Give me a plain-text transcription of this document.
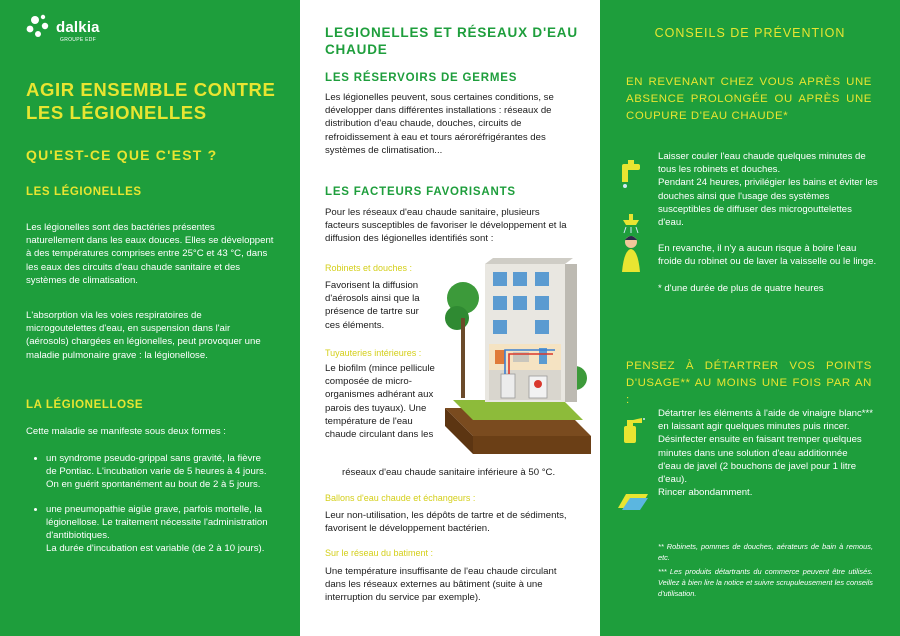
dalkia
GROUPE EDF
AGIR ENSEMBLE CONTRE LES LÉGIONELLES
QU'EST-CE QUE C'EST ?
LES LÉGIONELLES
Les légionelles sont des bactéries présentes naturellement dans les eaux douces. Elles se développent à des températures comprises entre 25°C et 43 °C, dans les eaux des circuits d'eau chaude sanitaire et des systèmes de climatisation.
L'absorption via les voies respiratoires de microgoutelettes d'eau, en suspension dans l'air (aérosols) chargées en légionelles, peut provoquer une maladie pulmonaire grave : la légionellose.
LA LÉGIONELLOSE
Cette maladie se manifeste sous deux formes :
• un syndrome pseudo-grippal sans gravité, la fièvre de Pontiac. L'incubation varie de 5 heures à 4 jours. On en guérit spontanément au bout de 2 à 5 jours.
• une pneumopathie aigüe grave, parfois mortelle, la légionellose. Le traitement nécessite l'administration d'antibiotiques.
La durée d'incubation est variable (de 2 à 10 jours).
LEGIONELLES ET RÉSEAUX D'EAU CHAUDE
LES RÉSERVOIRS DE GERMES
Les légionelles peuvent, sous certaines conditions, se développer dans différentes installations : réseaux de distribution d'eau chaude, douches, circuits de refroidissement à eau et tours aéroréfrigérantes des systèmes de climatisation...
LES FACTEURS FAVORISANTS
Pour les réseaux d'eau chaude sanitaire, plusieurs facteurs susceptibles de favoriser le développement et la diffusion des légionelles identifiés sont :
Robinets et douches :
Favorisent la diffusion d'aérosols ainsi que la présence de tartre sur ces éléments.
Tuyauteries intérieures :
Le biofilm (mince pellicule composée de micro-organismes adhérant aux parois des tuyaux). Une température de l'eau chaude circulant dans les
réseaux d'eau chaude sanitaire inférieure à 50 °C.
Ballons d'eau chaude et échangeurs :
Leur non-utilisation, les dépôts de tartre et de sédiments, favorisent le développement bactérien.
Sur le réseau du batiment :
Une température insuffisante de l'eau chaude circulant dans les réseaux externes au bâtiment (suite à une interruption du service par exemple).
CONSEILS DE PRÉVENTION
EN REVENANT CHEZ VOUS APRÈS UNE ABSENCE PROLONGÉE OU APRÈS UNE COUPURE D'EAU CHAUDE*
Laisser couler l'eau chaude quelques minutes de tous les robinets et douches.
Pendant 24 heures, privilégier les bains et éviter les douches ainsi que l'usage des systèmes susceptibles de diffuser des microgouttelettes d'eau.
En revanche, il n'y a aucun risque à boire l'eau froide du robinet ou de laver la vaisselle ou le linge.
* d'une durée de plus de quatre heures
PENSEZ À DÉTARTRER VOS POINTS D'USAGE** AU MOINS UNE FOIS PAR AN :
Détartrer les éléments à l'aide de vinaigre blanc*** en laissant agir quelques minutes puis rincer.
Désinfecter ensuite en faisant tremper quelques minutes dans une solution d'eau additionnée d'eau de javel (2 bouchons de javel pour 1 litre d'eau).
Rincer abondamment.
** Robinets, pommes de douches, aérateurs de bain à remous, etc.
*** Les produits détartrants du commerce peuvent être utilisés. Veillez à bien lire la notice et suivre scrupuleusement les conseils d'utilisation.
